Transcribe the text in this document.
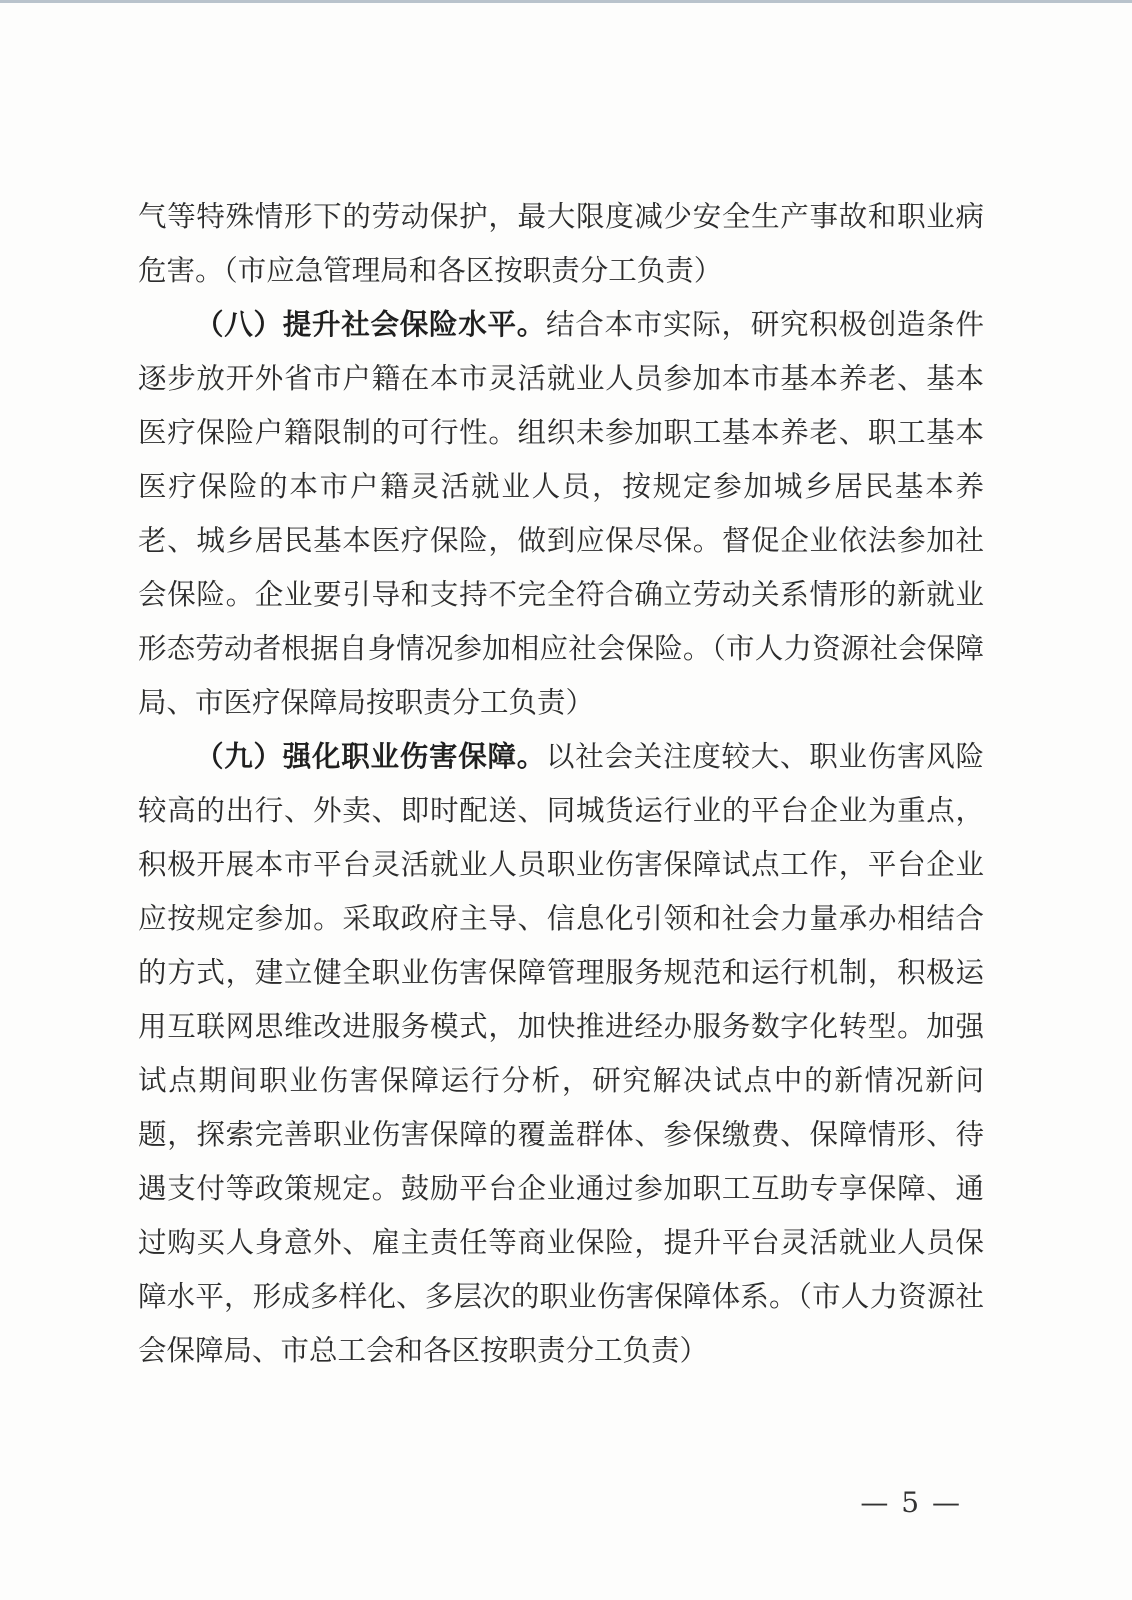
气等特殊情形下的劳动保护，最大限度减少安全生产事故和职业病危害。（市应急管理局和各区按职责分工负责）

（八）提升社会保险水平。结合本市实际，研究积极创造条件逐步放开外省市户籍在本市灵活就业人员参加本市基本养老、基本医疗保险户籍限制的可行性。组织未参加职工基本养老、职工基本医疗保险的本市户籍灵活就业人员，按规定参加城乡居民基本养老、城乡居民基本医疗保险，做到应保尽保。督促企业依法参加社会保险。企业要引导和支持不完全符合确立劳动关系情形的新就业形态劳动者根据自身情况参加相应社会保险。（市人力资源社会保障局、市医疗保障局按职责分工负责）

（九）强化职业伤害保障。以社会关注度较大、职业伤害风险较高的出行、外卖、即时配送、同城货运行业的平台企业为重点，积极开展本市平台灵活就业人员职业伤害保障试点工作，平台企业应按规定参加。采取政府主导、信息化引领和社会力量承办相结合的方式，建立健全职业伤害保障管理服务规范和运行机制，积极运用互联网思维改进服务模式，加快推进经办服务数字化转型。加强试点期间职业伤害保障运行分析，研究解决试点中的新情况新问题，探索完善职业伤害保障的覆盖群体、参保缴费、保障情形、待遇支付等政策规定。鼓励平台企业通过参加职工互助专享保障、通过购买人身意外、雇主责任等商业保险，提升平台灵活就业人员保障水平，形成多样化、多层次的职业伤害保障体系。（市人力资源社会保障局、市总工会和各区按职责分工负责）

— 5 —
